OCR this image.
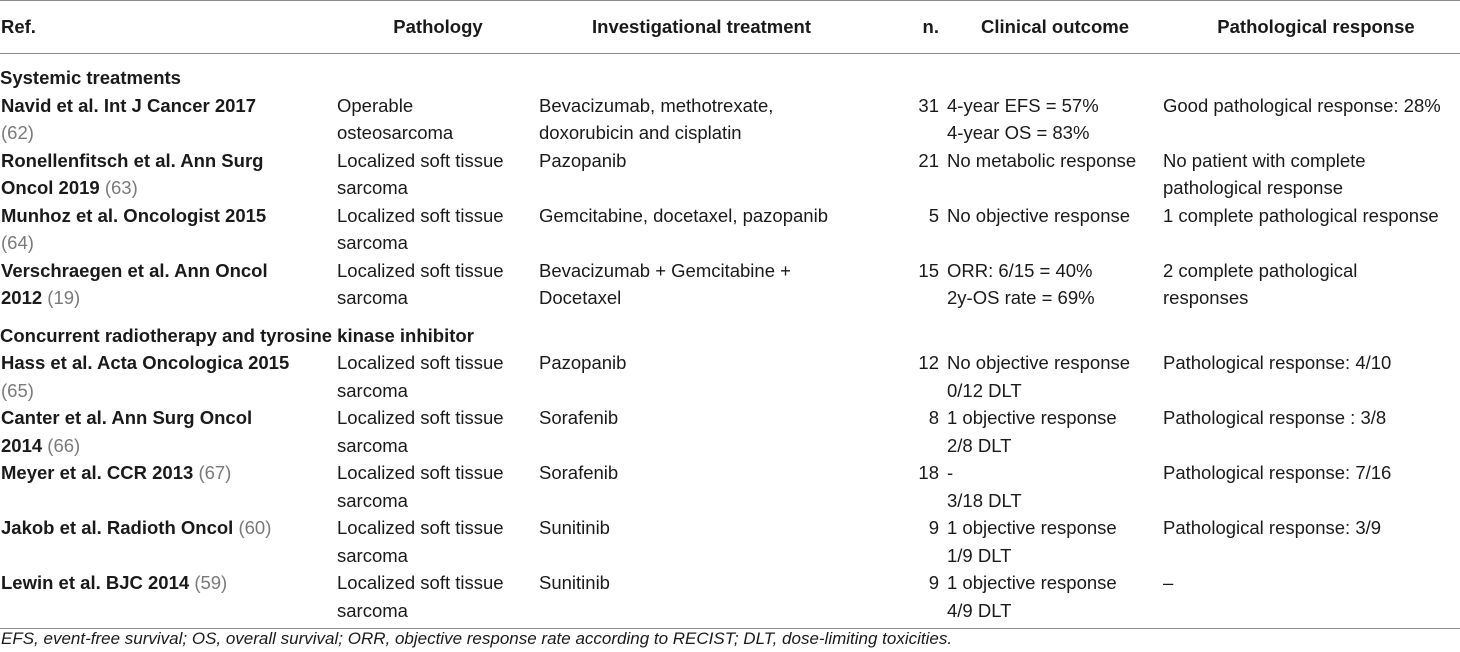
Ref.	Pathology	Investigational treatment	n.	Clinical outcome	Pathological response
Systemic treatments					

Navid et al. Int J Cancer 2017
(62)	Operable
osteosarcoma	Bevacizumab, methotrexate,
doxorubicin and cisplatin	31	4-year EFS = 57%
4-year OS = 83%	Good pathological response: 28%

Ronellenfitsch et al. Ann Surg
Oncol 2019 (63)	Localized soft tissue
sarcoma	Pazopanib	21	No metabolic response	No patient with complete
pathological response

Munhoz et al. Oncologist 2015
(64)	Localized soft tissue
sarcoma	Gemcitabine, docetaxel, pazopanib	5	No objective response	1 complete pathological response

Verschraegen et al. Ann Oncol
2012 (19)	Localized soft tissue
sarcoma	Bevacizumab + Gemcitabine +
Docetaxel	15	ORR: 6/15 = 40%
2y-OS rate = 69%	2 complete pathological
responses

Concurrent radiotherapy and tyrosine kinase inhibitor					

Hass et al. Acta Oncologica 2015
(65)	Localized soft tissue
sarcoma	Pazopanib	12	No objective response
0/12 DLT	Pathological response: 4/10

Canter et al. Ann Surg Oncol
2014 (66)	Localized soft tissue
sarcoma	Sorafenib	8	1 objective response
2/8 DLT	Pathological response : 3/8

Meyer et al. CCR 2013 (67)	Localized soft tissue
sarcoma	Sorafenib	18	-
3/18 DLT	Pathological response: 7/16

Jakob et al. Radioth Oncol (60)	Localized soft tissue
sarcoma	Sunitinib	9	1 objective response
1/9 DLT	Pathological response: 3/9

Lewin et al. BJC 2014 (59)	Localized soft tissue
sarcoma	Sunitinib	9	1 objective response
4/9 DLT	–
EFS, event-free survival; OS, overall survival; ORR, objective response rate according to RECIST; DLT, dose-limiting toxicities.
